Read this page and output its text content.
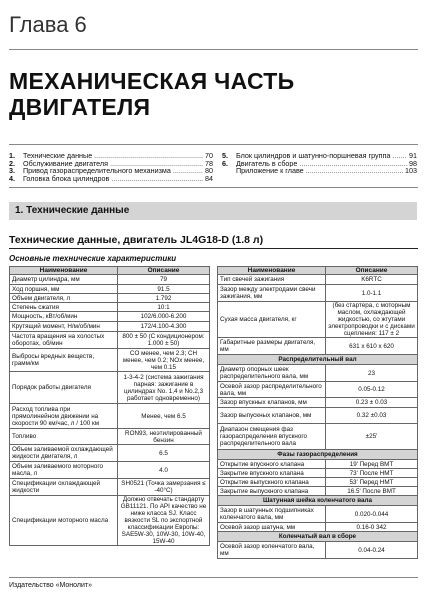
Глава 6
МЕХАНИЧЕСКАЯ ЧАСТЬ ДВИГАТЕЛЯ
1.	Технические данные .....	70
2.	Обслуживание двигателя .....	78
3.	Привод газораспределительного механизма .....	80
4.	Головка блока цилиндров .....	84
5.	Блок цилиндров и шатунно-поршневая группа .....	91
6.	Двигатель в сборе .....	98
Приложение к главе .....	103
1. Технические данные
Технические данные, двигатель JL4G18-D (1.8 л)
Основные технические характеристики
Наименование	Описание
Диаметр цилиндра, мм	79
Ход поршня, мм	91.5
Объем двигателя, л	1.792
Степень сжатия	10:1
Мощность, кВт/об/мин	102/6.000-6.200
Крутящий момент, Н/м/об/мин	172/4.100-4.300
Частота вращения на холостых оборотах, об/мин	800 ± 50 (С кондиционером: 1.000 ± 50)
Выбросы вредных веществ, грамм/км	CO менее, чем 2.3; CH менее, чем 0.2; NOx менее, чем 0.15
Порядок работы двигателя	1-3-4-2 (система зажигания парная: зажигание в цилиндрах No. 1,4 и No.2,3 работает одновременно)
Расход топлива при прямолинейном движении на скорости 90 км/час, л / 100 км	Менее, чем 6.5
Топливо	RON93, неэтилированный бензин
Объем заливаемой охлаждающей жидкости двигателя, л	6.5
Объем заливаемого моторного масла, л	4.0
Спецификации охлаждающей жидкости	SH0521 (Точка замерзания ≤ -40°C)
Спецификации моторного масла	Должно отвечать стандарту GB11121. По API качество не ниже класса SJ. Класс вязкости SL по экспортной классификации Европы: SAE5W-30, 10W-30, 10W-40, 15W-40
Наименование	Описание
Тип свечей зажигания	K6RTC
Зазор между электродами свечи зажигания, мм	1.0-1.1
Сухая масса двигателя, кг	(без стартера, с моторным маслом, охлаждающей жидкостью, со жгутами электропроводки и с дисками сцепления: 117 ± 2
Габаритные размеры двигателя, мм	631 х 610 х 620
Распределительный вал	
Диаметр опорных шеек распределительного вала, мм	23
Осевой зазор распределительного вала, мм	0.05-0.12
Зазор впускных клапанов, мм	0.23 ± 0.03
Зазор выпускных клапанов, мм	0.32 ±0.03
Диапазон смещения фаз газораспределения впускного распределительного вала	±25'
Фазы газораспределения	
Открытие впускного клапана	19' Перед ВМТ
Закрытие впускного клапана	73' После НМТ
Открытие выпускного клапана	53' Перед НМТ
Закрытие выпускного клапана	16.5' После ВМТ
Шатунная шейка коленчатого вала	
Зазор в шатунных подшипниках коленчатого вала, мм	0.020-0.044
Осевой зазор шатуна, мм	0.16-0 342
Коленчатый вал в сборе	
Осевой зазор коленчатого вала, мм	0.04-0.24
Издательство «Монолит»
